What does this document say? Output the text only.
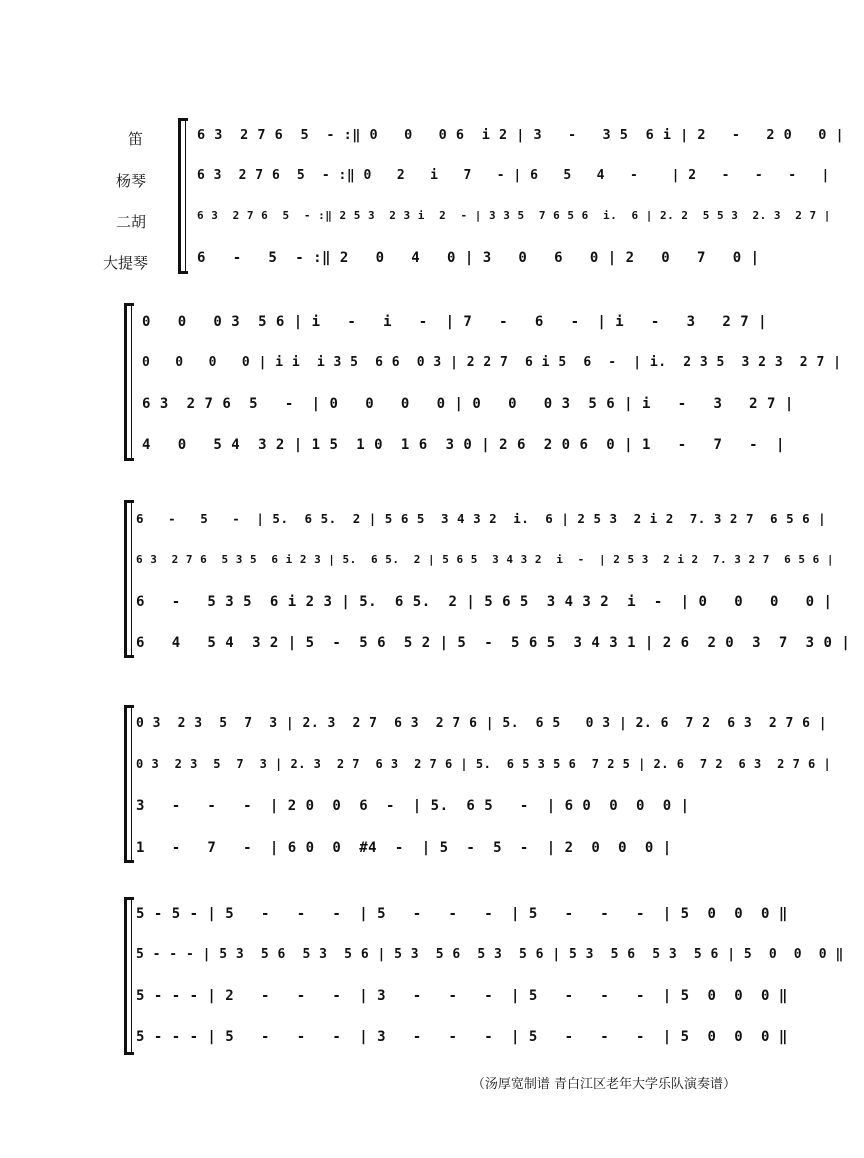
笛
杨琴
二胡
大提琴
6 3  2 7 6  5  - :‖ 0   0   0 6  i 2 | 3   -   3 5  6 i | 2   -   2 0   0 |
6 3  2 7 6  5  - :‖ 0   2   i   7   - | 6   5   4   -    | 2   -   -   -   |
6 3  2 7 6  5  - :‖ 2 5 3  2 3 i  2  - | 3 3 5  7 6 5 6  i.  6 | 2. 2  5 5 3  2. 3  2 7 |
6   -   5  - :‖ 2   0   4   0 | 3   0   6   0 | 2   0   7   0 |
0   0   0 3  5 6 | i   -   i   -  | 7   -   6   -  | i   -   3   2 7 |
0   0   0   0 | i i  i 3 5  6 6  0 3 | 2 2 7  6 i 5  6  -  | i.  2 3 5  3 2 3  2 7 |
6 3  2 7 6  5   -  | 0   0   0   0 | 0   0   0 3  5 6 | i   -   3   2 7 |
4   0   5 4  3 2 | 1 5  1 0  1 6  3 0 | 2 6  2 0 6  0 | 1   -   7   -  |
6   -   5   -  | 5.  6 5.  2 | 5 6 5  3 4 3 2  i.  6 | 2 5 3  2 i 2  7. 3 2 7  6 5 6 |
6 3  2 7 6  5 3 5  6 i 2 3 | 5.  6 5.  2 | 5 6 5  3 4 3 2  i  -  | 2 5 3  2 i 2  7. 3 2 7  6 5 6 |
6   -   5 3 5  6 i 2 3 | 5.  6 5.  2 | 5 6 5  3 4 3 2  i  -  | 0   0   0   0 |
6   4   5 4  3 2 | 5  -  5 6  5 2 | 5  -  5 6 5  3 4 3 1 | 2 6  2 0  3  7  3 0 |
0 3  2 3  5  7  3 | 2. 3  2 7  6 3  2 7 6 | 5.  6 5   0 3 | 2. 6  7 2  6 3  2 7 6 |
0 3  2 3  5  7  3 | 2. 3  2 7  6 3  2 7 6 | 5.  6 5 3 5 6  7 2 5 | 2. 6  7 2  6 3  2 7 6 |
3   -   -   -  | 2 0  0  6  -  | 5.  6 5   -  | 6 0  0  0  0 |
1   -   7   -  | 6 0  0  #4  -  | 5  -  5  -  | 2  0  0  0 |
5 - 5 - | 5   -   -   -  | 5   -   -   -  | 5   -   -   -  | 5  0  0  0 ‖
5 - - - | 5 3  5 6  5 3  5 6 | 5 3  5 6  5 3  5 6 | 5 3  5 6  5 3  5 6 | 5  0  0  0 ‖
5 - - - | 2   -   -   -  | 3   -   -   -  | 5   -   -   -  | 5  0  0  0 ‖
5 - - - | 5   -   -   -  | 3   -   -   -  | 5   -   -   -  | 5  0  0  0 ‖
（汤厚宽制谱 青白江区老年大学乐队演奏谱）
